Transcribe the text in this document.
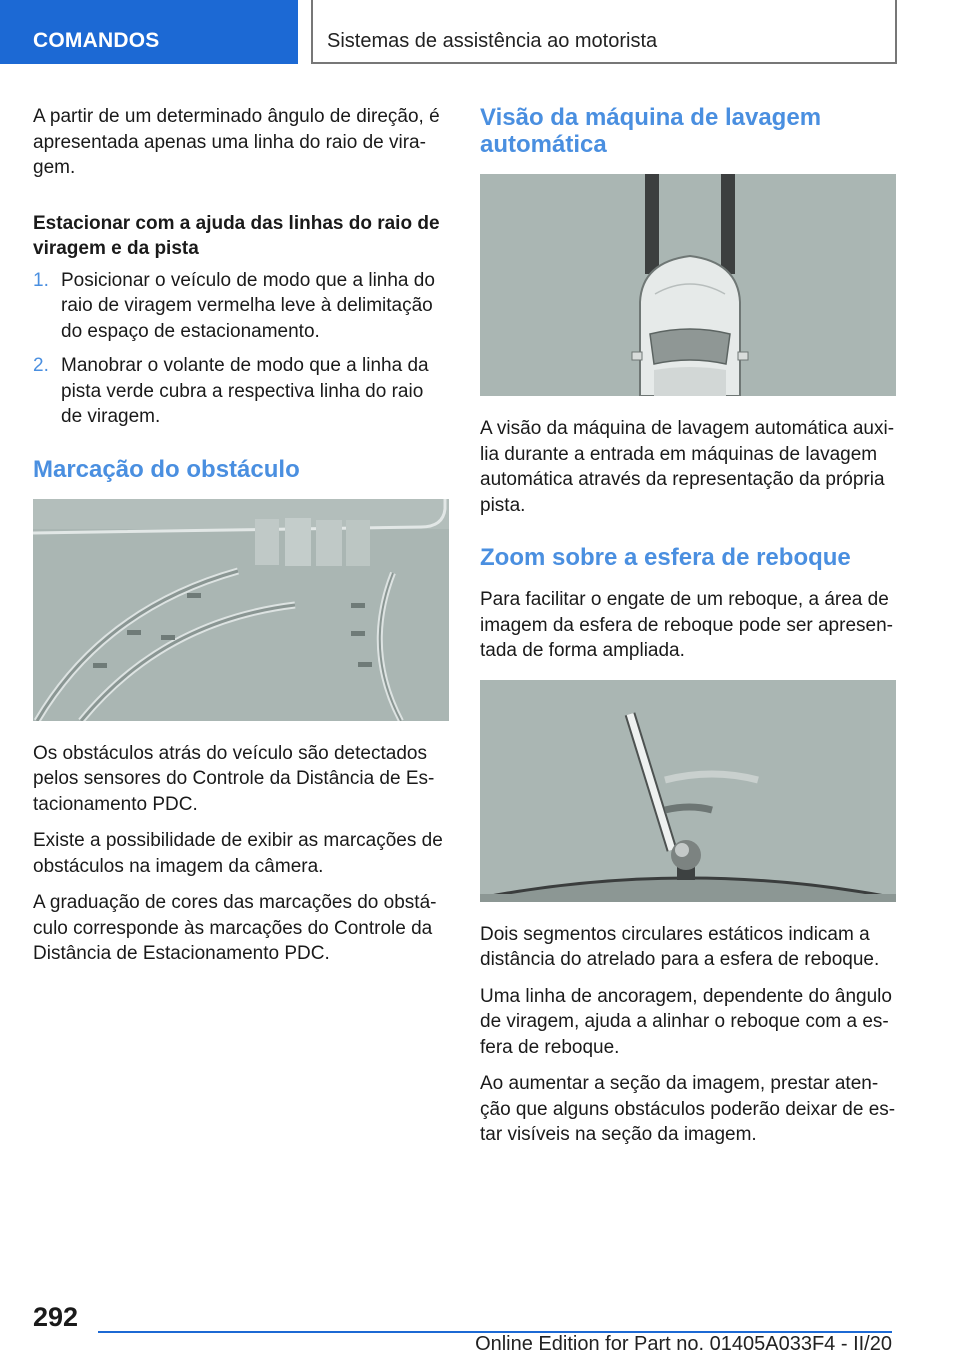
COMANDOS	Sistemas de assistência ao motorista

A partir de um determinado ângulo de direção, é apresentada apenas uma linha do raio de vira-gem.

Estacionar com a ajuda das linhas do raio de viragem e da pista
1. Posicionar o veículo de modo que a linha do raio de viragem vermelha leve à delimitação do espaço de estacionamento.
2. Manobrar o volante de modo que a linha da pista verde cubra a respectiva linha do raio de viragem.
Marcação do obstáculo

Os obstáculos atrás do veículo são detectados pelos sensores do Controle da Distância de Es-tacionamento PDC.

Existe a possibilidade de exibir as marcações de obstáculos na imagem da câmera.

A graduação de cores das marcações do obstá-culo corresponde às marcações do Controle da Distância de Estacionamento PDC.

Visão da máquina de lavagem automática

A visão da máquina de lavagem automática auxi-lia durante a entrada em máquinas de lavagem automática através da representação da própria pista.

Zoom sobre a esfera de reboque

Para facilitar o engate de um reboque, a área de imagem da esfera de reboque pode ser apresen-tada de forma ampliada.

Dois segmentos circulares estáticos indicam a distância do atrelado para a esfera de reboque.

Uma linha de ancoragem, dependente do ângulo de viragem, ajuda a alinhar o reboque com a es-fera de reboque.

Ao aumentar a seção da imagem, prestar aten-ção que alguns obstáculos poderão deixar de es-tar visíveis na seção da imagem.

292
Online Edition for Part no. 01405A033F4 - II/20
